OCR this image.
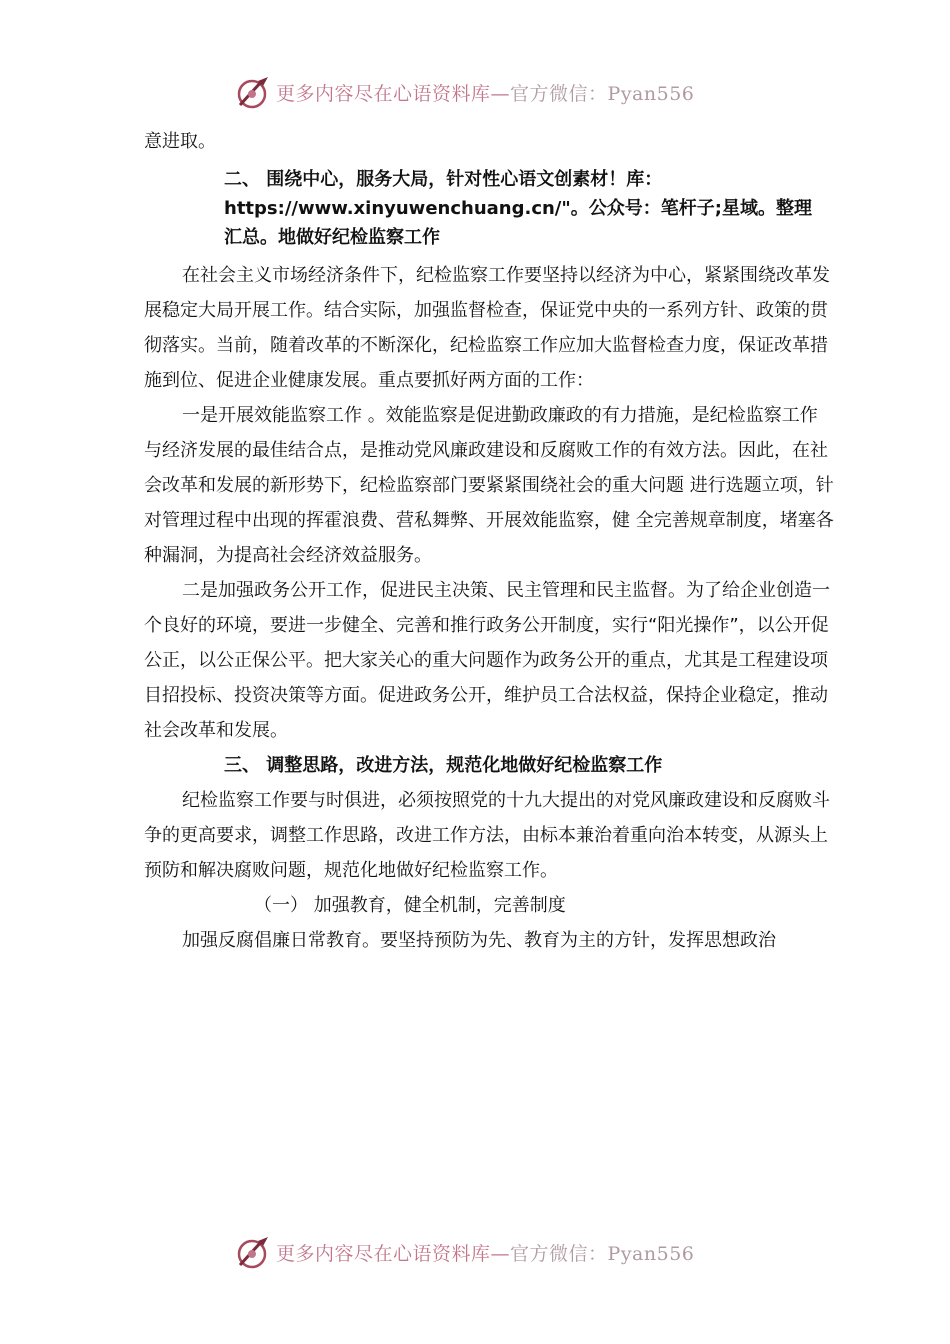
更多内容尽在心语资料库—官方微信：Pyan556

意进取。

二、 围绕中心，服务大局，针对性心语文创素材！库：
https://www.xinyuwenchuang.cn/"。公众号：笔杆子;星域。整理
汇总。地做好纪检监察工作

在社会主义市场经济条件下，纪检监察工作要坚持以经济为中心，紧紧围绕改革发展稳定大局开展工作。结合实际，加强监督检查，保证党中央的一系列方针、政策的贯彻落实。当前，随着改革的不断深化，纪检监察工作应加大监督检查力度，保证改革措施到位、促进企业健康发展。重点要抓好两方面的工作：

一是开展效能监察工作 。效能监察是促进勤政廉政的有力措施，是纪检监察工作与经济发展的最佳结合点，是推动党风廉政建设和反腐败工作的有效方法。因此，在社会改革和发展的新形势下，纪检监察部门要紧紧围绕社会的重大问题 进行选题立项，针对管理过程中出现的挥霍浪费、营私舞弊、开展效能监察，健 全完善规章制度，堵塞各种漏洞，为提高社会经济效益服务。

二是加强政务公开工作，促进民主决策、民主管理和民主监督。为了给企业创造一个良好的环境，要进一步健全、完善和推行政务公开制度，实行“阳光操作”，以公开促公正，以公正保公平。把大家关心的重大问题作为政务公开的重点，尤其是工程建设项目招投标、投资决策等方面。促进政务公开，维护员工合法权益，保持企业稳定，推动社会改革和发展。

三、 调整思路，改进方法，规范化地做好纪检监察工作

纪检监察工作要与时俱进，必须按照党的十九大提出的对党风廉政建设和反腐败斗争的更高要求，调整工作思路，改进工作方法，由标本兼治着重向治本转变，从源头上预防和解决腐败问题，规范化地做好纪检监察工作。

（一） 加强教育，健全机制，完善制度

加强反腐倡廉日常教育。要坚持预防为先、教育为主的方针，发挥思想政治

更多内容尽在心语资料库—官方微信：Pyan556
